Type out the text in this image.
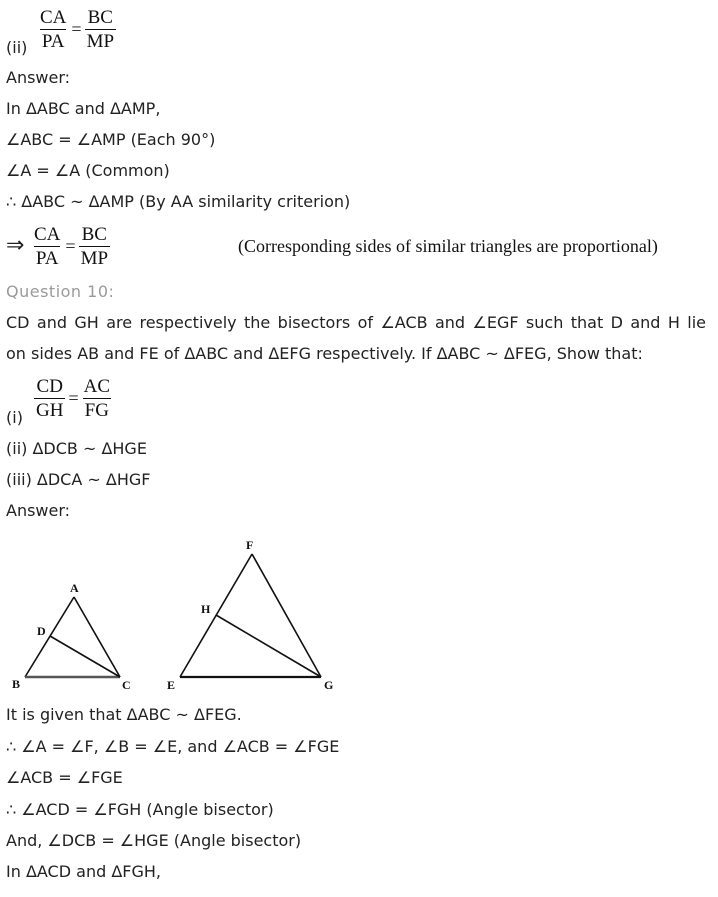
$\frac{CA}{PA} = \frac{BC}{MP}$
(ii)
Answer:
In ΔABC and ΔAMP,
∠ABC = ∠AMP (Each 90°)
∠A = ∠A (Common)
∴ ΔABC ~ ΔAMP (By AA similarity criterion)
⇒ $\frac{CA}{PA} = \frac{BC}{MP}$	(Corresponding sides of similar triangles are proportional)
Question 10:
CD and GH are respectively the bisectors of ∠ACB and ∠EGF such that D and H lie
on sides AB and FE of ΔABC and ΔEFG respectively. If ΔABC ~ ΔFEG, Show that:
$\frac{CD}{GH} = \frac{AC}{FG}$
(i)
(ii) ΔDCB ~ ΔHGE
(iii) ΔDCA ~ ΔHGF
Answer:
A
D
B	C
F
H
E	G
It is given that ΔABC ~ ΔFEG.
∴ ∠A = ∠F, ∠B = ∠E, and ∠ACB = ∠FGE
∠ACB = ∠FGE
∴ ∠ACD = ∠FGH (Angle bisector)
And, ∠DCB = ∠HGE (Angle bisector)
In ΔACD and ΔFGH,
